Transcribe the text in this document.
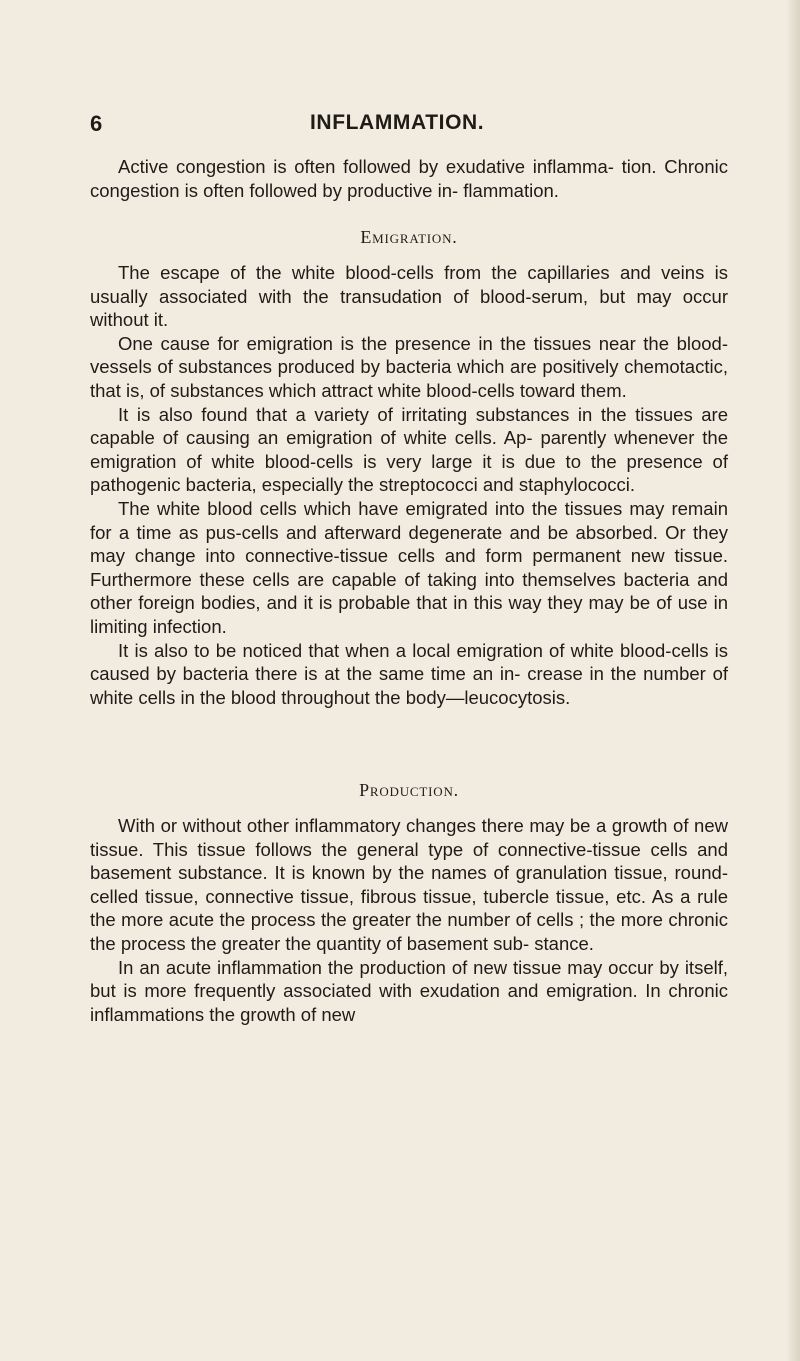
6	INFLAMMATION.

Active congestion is often followed by exudative inflamma- tion. Chronic congestion is often followed by productive in- flammation.

Emigration.

The escape of the white blood-cells from the capillaries and veins is usually associated with the transudation of blood-serum, but may occur without it.

One cause for emigration is the presence in the tissues near the blood-vessels of substances produced by bacteria which are positively chemotactic, that is, of substances which attract white blood-cells toward them.

It is also found that a variety of irritating substances in the tissues are capable of causing an emigration of white cells. Ap- parently whenever the emigration of white blood-cells is very large it is due to the presence of pathogenic bacteria, especially the streptococci and staphylococci.

The white blood cells which have emigrated into the tissues may remain for a time as pus-cells and afterward degenerate and be absorbed. Or they may change into connective-tissue cells and form permanent new tissue. Furthermore these cells are capable of taking into themselves bacteria and other foreign bodies, and it is probable that in this way they may be of use in limiting infection.

It is also to be noticed that when a local emigration of white blood-cells is caused by bacteria there is at the same time an in- crease in the number of white cells in the blood throughout the body—leucocytosis.

Production.

With or without other inflammatory changes there may be a growth of new tissue. This tissue follows the general type of connective-tissue cells and basement substance. It is known by the names of granulation tissue, round-celled tissue, connective tissue, fibrous tissue, tubercle tissue, etc. As a rule the more acute the process the greater the number of cells ; the more chronic the process the greater the quantity of basement sub- stance.

In an acute inflammation the production of new tissue may occur by itself, but is more frequently associated with exudation and emigration. In chronic inflammations the growth of new
